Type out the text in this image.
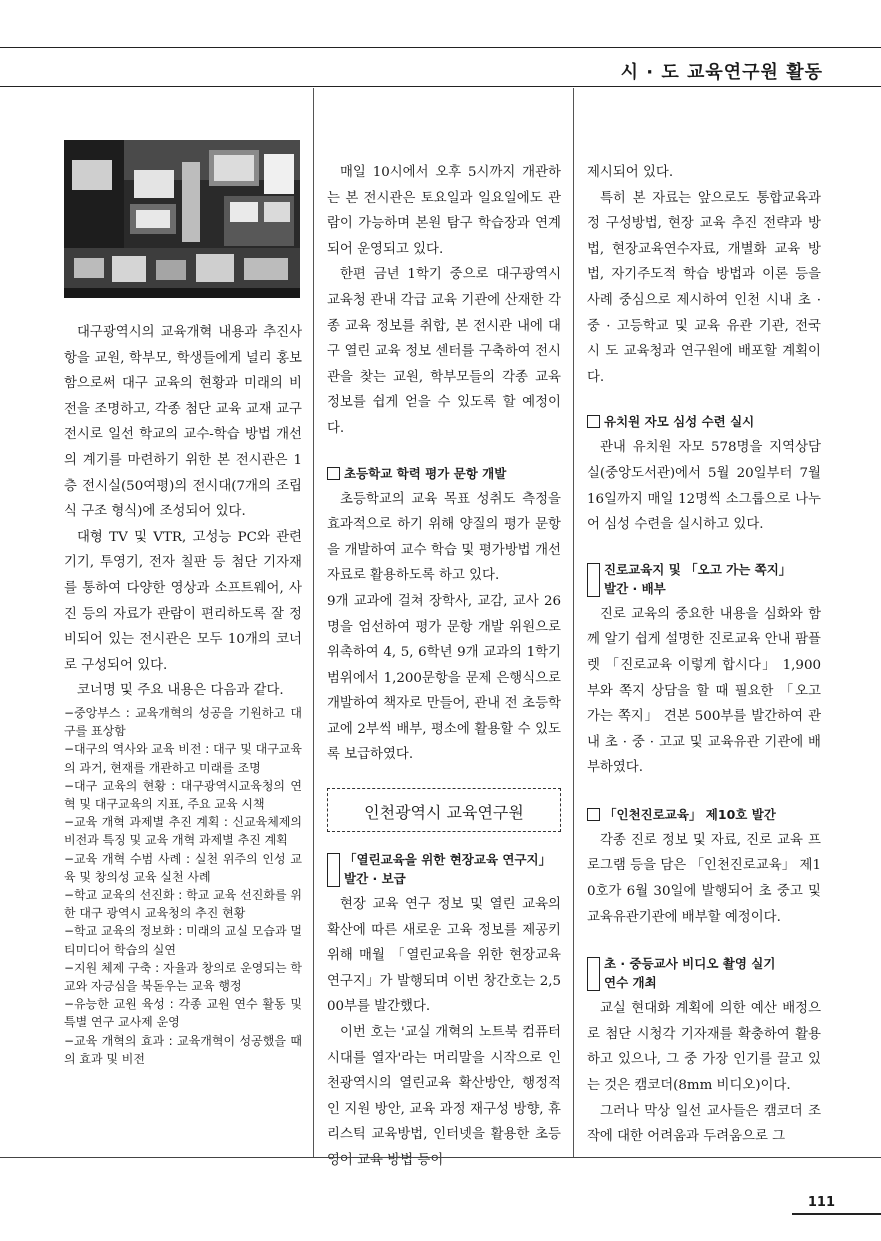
시 · 도 교육연구원 활동

대구광역시의 교육개혁 내용과 추진사항을 교원, 학부모, 학생들에게 널리 홍보함으로써 대구 교육의 현황과 미래의 비전을 조명하고, 각종 첨단 교육 교재 교구 전시로 일선 학교의 교수-학습 방법 개선의 계기를 마련하기 위한 본 전시관은 1층 전시실(50여평)의 전시대(7개의 조립식 구조 형식)에 조성되어 있다.

대형 TV 및 VTR, 고성능 PC와 관련 기기, 투영기, 전자 칠판 등 첨단 기자재를 통하여 다양한 영상과 소프트웨어, 사진 등의 자료가 관람이 편리하도록 잘 정비되어 있는 전시관은 모두 10개의 코너로 구성되어 있다.

코너명 및 주요 내용은 다음과 같다.

−중앙부스 : 교육개혁의 성공을 기원하고 대구를 표상함
−대구의 역사와 교육 비전 : 대구 및 대구교육의 과거, 현재를 개관하고 미래를 조명
−대구 교육의 현황 : 대구광역시교육청의 연혁 및 대구교육의 지표, 주요 교육 시책
−교육 개혁 과제별 추진 계획 : 신교육체제의 비전과 특징 및 교육 개혁 과제별 추진 계획
−교육 개혁 수범 사례 : 실천 위주의 인성 교육 및 창의성 교육 실천 사례
−학교 교육의 선진화 : 학교 교육 선진화를 위한 대구 광역시 교육청의 추진 현황
−학교 교육의 정보화 : 미래의 교실 모습과 멀티미디어 학습의 실연
−지원 체제 구축 : 자율과 창의로 운영되는 학교와 자긍심을 북돋우는 교육 행정
−유능한 교원 육성 : 각종 교원 연수 활동 및 특별 연구 교사제 운영
−교육 개혁의 효과 : 교육개혁이 성공했을 때의 효과 및 비전

매일 10시에서 오후 5시까지 개관하는 본 전시관은 토요일과 일요일에도 관람이 가능하며 본원 탐구 학습장과 연계되어 운영되고 있다.

한편 금년 1학기 중으로 대구광역시 교육청 관내 각급 교육 기관에 산재한 각종 교육 정보를 취합, 본 전시관 내에 대구 열린 교육 정보 센터를 구축하여 전시관을 찾는 교원, 학부모들의 각종 교육 정보를 쉽게 얻을 수 있도록 할 예정이다.

초등학교 학력 평가 문항 개발

초등학교의 교육 목표 성취도 측정을 효과적으로 하기 위해 양질의 평가 문항을 개발하여 교수 학습 및 평가방법 개선 자료로 활용하도록 하고 있다.

9개 교과에 걸쳐 장학사, 교감, 교사 26명을 엄선하여 평가 문항 개발 위원으로 위촉하여 4, 5, 6학년 9개 교과의 1학기 범위에서 1,200문항을 문제 은행식으로 개발하여 책자로 만들어, 관내 전 초등학교에 2부씩 배부, 평소에 활용할 수 있도록 보급하였다.

인천광역시 교육연구원
「열린교육을 위한 현장교육 연구지」
발간 · 보급

현장 교육 연구 정보 및 열린 교육의 확산에 따른 새로운 고육 정보를 제공키 위해 매월 「열린교육을 위한 현장교육 연구지」가 발행되며 이번 창간호는 2,500부를 발간했다.

이번 호는 '교실 개혁의 노트북 컴퓨터 시대를 열자'라는 머리말을 시작으로 인천광역시의 열린교육 확산방안, 행정적인 지원 방안, 교육 과정 재구성 방향, 휴리스틱 교육방법, 인터넷을 활용한 초등영어 교육 방법 등이

제시되어 있다.

특히 본 자료는 앞으로도 통합교육과정 구성방법, 현장 교육 추진 전략과 방법, 현장교육연수자료, 개별화 교육 방법, 자기주도적 학습 방법과 이론 등을 사례 중심으로 제시하여 인천 시내 초 · 중 · 고등학교 및 교육 유관 기관, 전국 시 도 교육청과 연구원에 배포할 계획이다.

유치원 자모 심성 수련 실시

관내 유치원 자모 578명을 지역상담실(중앙도서관)에서 5월 20일부터 7월 16일까지 매일 12명씩 소그룹으로 나누어 심성 수련을 실시하고 있다.

진로교육지 및 「오고 가는 쪽지」
발간 · 배부

진로 교육의 중요한 내용을 심화와 함께 알기 쉽게 설명한 진로교육 안내 팜플렛 「진로교육 이렇게 합시다」 1,900부와 쪽지 상담을 할 때 필요한 「오고 가는 쪽지」 견본 500부를 발간하여 관내 초 · 중 · 고교 및 교육유관 기관에 배부하였다.

「인천진로교육」 제10호 발간

각종 진로 정보 및 자료, 진로 교육 프로그램 등을 담은 「인천진로교육」 제10호가 6월 30일에 발행되어 초 중고 및 교육유관기관에 배부할 예정이다.

초 · 중등교사 비디오 촬영 실기
연수 개최

교실 현대화 계획에 의한 예산 배정으로 첨단 시청각 기자재를 확충하여 활용하고 있으나, 그 중 가장 인기를 끌고 있는 것은 캠코더(8mm 비디오)이다.

그러나 막상 일선 교사들은 캠코더 조작에 대한 어려움과 두려움으로 그

111
